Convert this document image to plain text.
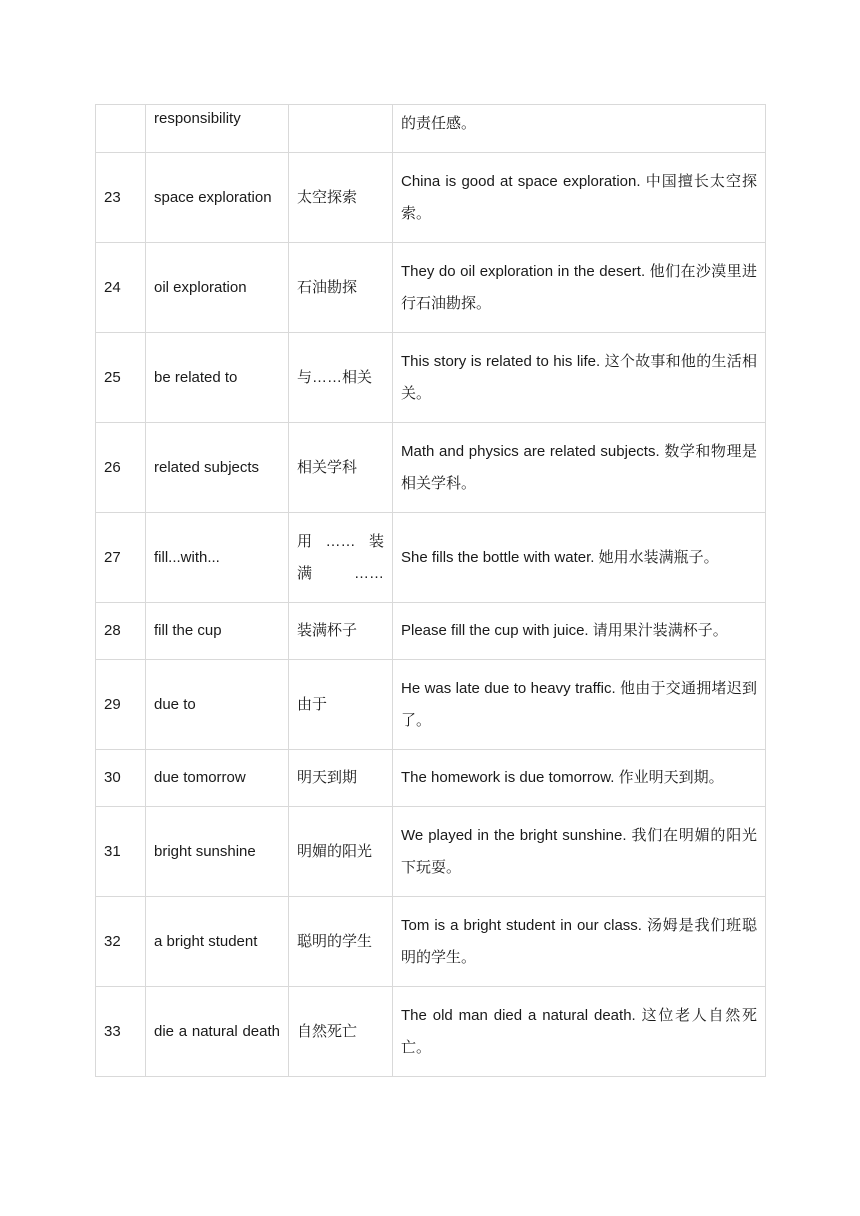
	responsibility		的责任感。
23	space exploration	太空探索	China is good at space exploration. 中国擅长太空探索。
24	oil exploration	石油勘探	They do oil exploration in the desert. 他们在沙漠里进行石油勘探。
25	be related to	与……相关	This story is related to his life. 这个故事和他的生活相关。
26	related subjects	相关学科	Math and physics are related subjects. 数学和物理是相关学科。
27	fill...with...	用……装满……	She fills the bottle with water. 她用水装满瓶子。
28	fill the cup	装满杯子	Please fill the cup with juice. 请用果汁装满杯子。
29	due to	由于	He was late due to heavy traffic. 他由于交通拥堵迟到了。
30	due tomorrow	明天到期	The homework is due tomorrow. 作业明天到期。
31	bright sunshine	明媚的阳光	We played in the bright sunshine. 我们在明媚的阳光下玩耍。
32	a bright student	聪明的学生	Tom is a bright student in our class. 汤姆是我们班聪明的学生。
33	die a natural death	自然死亡	The old man died a natural death. 这位老人自然死亡。
